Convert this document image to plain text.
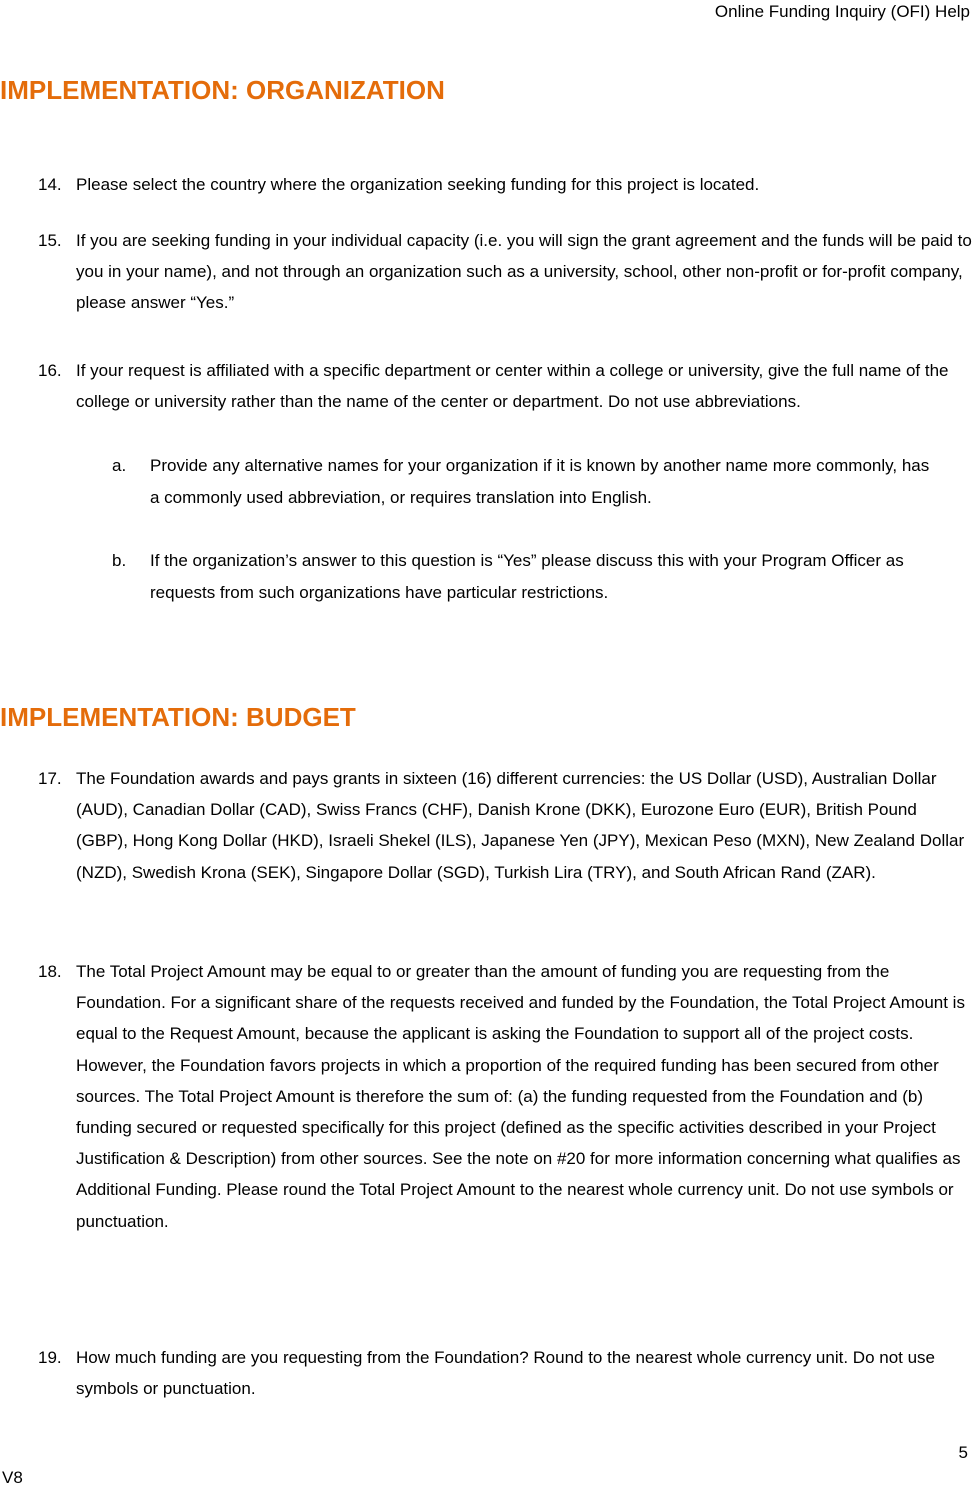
Online Funding Inquiry (OFI) Help
IMPLEMENTATION: ORGANIZATION
14. Please select the country where the organization seeking funding for this project is located.
15. If you are seeking funding in your individual capacity (i.e. you will sign the grant agreement and the funds will be paid to you in your name), and not through an organization such as a university, school, other non-profit or for-profit company, please answer “Yes.”
16. If your request is affiliated with a specific department or center within a college or university, give the full name of the college or university rather than the name of the center or department. Do not use abbreviations.
a. Provide any alternative names for your organization if it is known by another name more commonly, has a commonly used abbreviation, or requires translation into English.
b. If the organization’s answer to this question is “Yes” please discuss this with your Program Officer as requests from such organizations have particular restrictions.
IMPLEMENTATION: BUDGET
17. The Foundation awards and pays grants in sixteen (16) different currencies: the US Dollar (USD), Australian Dollar (AUD), Canadian Dollar (CAD), Swiss Francs (CHF), Danish Krone (DKK), Eurozone Euro (EUR), British Pound (GBP), Hong Kong Dollar (HKD), Israeli Shekel (ILS), Japanese Yen (JPY), Mexican Peso (MXN), New Zealand Dollar (NZD), Swedish Krona (SEK), Singapore Dollar (SGD), Turkish Lira (TRY), and South African Rand (ZAR).
18. The Total Project Amount may be equal to or greater than the amount of funding you are requesting from the Foundation. For a significant share of the requests received and funded by the Foundation, the Total Project Amount is equal to the Request Amount, because the applicant is asking the Foundation to support all of the project costs. However, the Foundation favors projects in which a proportion of the required funding has been secured from other sources. The Total Project Amount is therefore the sum of: (a) the funding requested from the Foundation and (b) funding secured or requested specifically for this project (defined as the specific activities described in your Project Justification & Description) from other sources. See the note on #20 for more information concerning what qualifies as Additional Funding. Please round the Total Project Amount to the nearest whole currency unit. Do not use symbols or punctuation.
19. How much funding are you requesting from the Foundation? Round to the nearest whole currency unit. Do not use symbols or punctuation.
5
V8
